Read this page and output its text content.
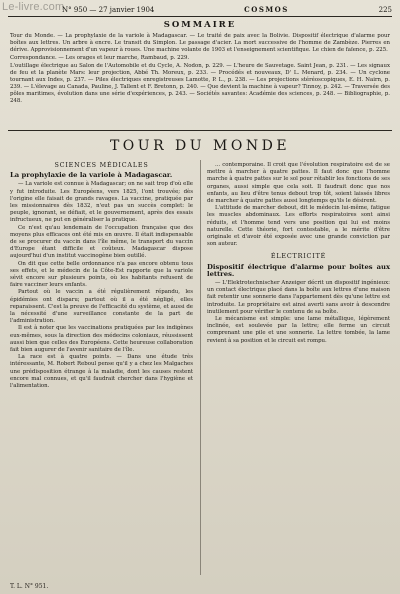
Le-livre.com
N° 950 — 27 janvier 1904	COSMOS	225
SOMMAIRE

Tour du Monde. — La prophylaxie de la variole à Madagascar. — Le traité de paix avec la Bolivie. Dispositif électrique d'alarme pour boîtes aux lettres. Un arbre à encre. Le transit du Simplon. Le passage d'acier. La mort successive de l'homme de Zambèze. Pierres en dérive. Approvisionnement d'un vapeur à roues. Une machine volante de 1903 et l'enseignement scientifique. Le chien de faïence, p. 225.

Correspondance. — Les orages et leur marche, Rambaud, p. 229.

L'outillage électrique au Salon de l'Automobile et du Cycle, A. Nodon, p. 229. — L'heure de Sauvetage. Saint Jean, p. 231. — Les signaux de feu et la planète Mars: leur projection, Abbé Th. Moreux, p. 233. — Procédés et nouveaux, D' L. Menard, p. 234. — Un cyclone tournant aux Indes, p. 237. — Piles électriques enregistreuses Lamotte, P. L., p. 238. — Les projections stéréoscopiques, E. H. Nairn, p. 239. — L'élevage au Canada, Pauline, J. Tallent et F. Bretonn, p. 240. — Que devient la machine à vapeur? Tinnoy, p. 242. — Traversée des pôles maritimes, évolution dans une série d'expériences, p. 243. — Sociétés savantes: Académie des sciences, p. 248. — Bibliographie, p. 248.

TOUR DU MONDE
SCIENCES MÉDICALES
La prophylaxie de la variole à Madagascar.

— La variole est connue à Madagascar; on ne sait trop d'où elle y fut introduite. Les Européens, vers 1825, l'ont trouvée; dès l'origine elle faisait de grands ravages. La vaccine, pratiquée par les missionnaires dès 1832, n'eut pas un succès complet: le peuple, ignorant, se défiait, et le gouvernement, après des essais infructueux, ne put en généraliser la pratique.

Ce n'est qu'au lendemain de l'occupation française que des moyens plus efficaces ont été mis en œuvre. Il était indispensable de se procurer du vaccin dans l'île même, le transport du vaccin d'Europe étant difficile et coûteux. Madagascar dispose aujourd'hui d'un institut vaccinogène bien outillé.

On dit que cette belle ordonnance n'a pas encore obtenu tous ses effets, et le médecin de la Côte-Est rapporte que la variole sévit encore sur plusieurs points, où les habitants refusent de faire vacciner leurs enfants.

Partout où le vaccin a été régulièrement répandu, les épidémies ont disparu; partout où il a été négligé, elles reparaissent. C'est la preuve de l'efficacité du système, et aussi de la nécessité d'une surveillance constante de la part de l'administration.

Il est à noter que les vaccinations pratiquées par les indigènes eux-mêmes, sous la direction des médecins coloniaux, réussissent aussi bien que celles des Européens. Cette heureuse collaboration fait bien augurer de l'avenir sanitaire de l'île.

La race est à quatre points. — Dans une étude très intéressante, M. Robert Reboul pense qu'il y a chez les Malgaches une prédisposition étrange à la maladie, dont les causes restent encore mal connues, et qu'il faudrait chercher dans l'hygiène et l'alimentation.

... contemporaine. Il croit que l'évolution respiratoire est de se mettre à marcher à quatre pattes. Il faut donc que l'homme marche à quatre pattes sur le sol pour rétablir les fonctions de ses organes, aussi simple que cela soit. Il faudrait donc que nos enfants, au lieu d'être tenus debout trop tôt, soient laissés libres de marcher à quatre pattes aussi longtemps qu'ils le désirent.

L'attitude de marcher debout, dit le médecin lui-même, fatigue les muscles abdominaux. Les efforts respiratoires sont ainsi réduits, et l'homme tend vers une position qui lui est moins naturelle. Cette théorie, fort contestable, a le mérite d'être originale et d'avoir été exposée avec une grande conviction par son auteur.

ÉLECTRICITÉ
Dispositif électrique d'alarme pour boîtes aux lettres.

— L'Elektrotechnischer Anzeiger décrit un dispositif ingénieux: un contact électrique placé dans la boîte aux lettres d'une maison fait retentir une sonnerie dans l'appartement dès qu'une lettre est introduite. Le propriétaire est ainsi averti sans avoir à descendre inutilement pour vérifier le contenu de sa boîte.

Le mécanisme est simple: une lame métallique, légèrement inclinée, est soulevée par la lettre; elle ferme un circuit comprenant une pile et une sonnerie. La lettre tombée, la lame revient à sa position et le circuit est rompu.

T. L. N° 951.
